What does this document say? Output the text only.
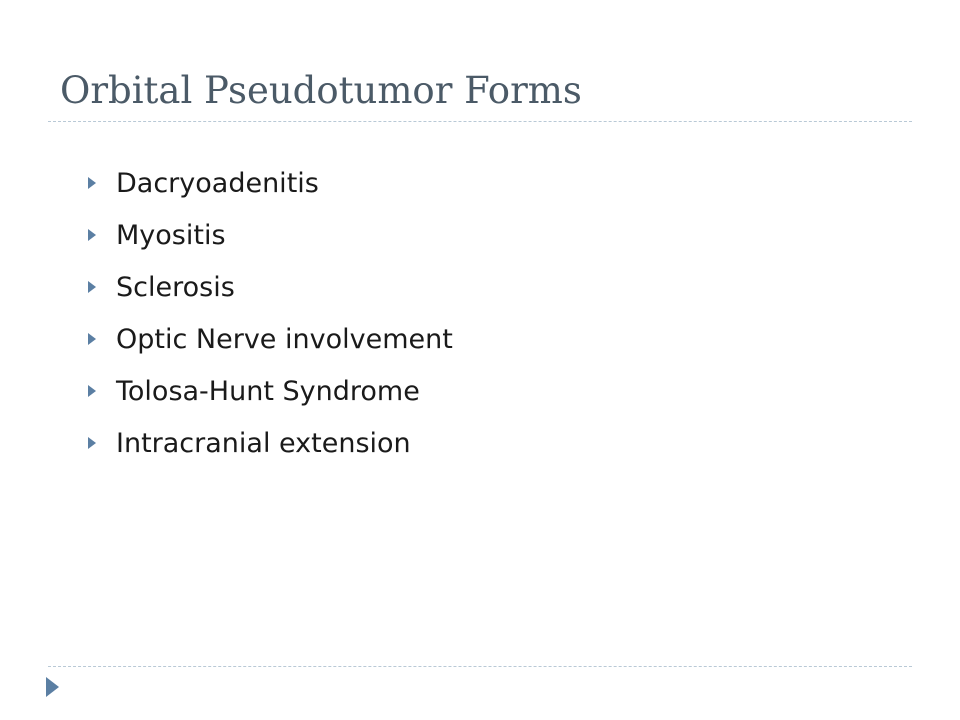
Orbital Pseudotumor Forms
Dacryoadenitis
Myositis
Sclerosis
Optic Nerve involvement
Tolosa-Hunt Syndrome
Intracranial extension
